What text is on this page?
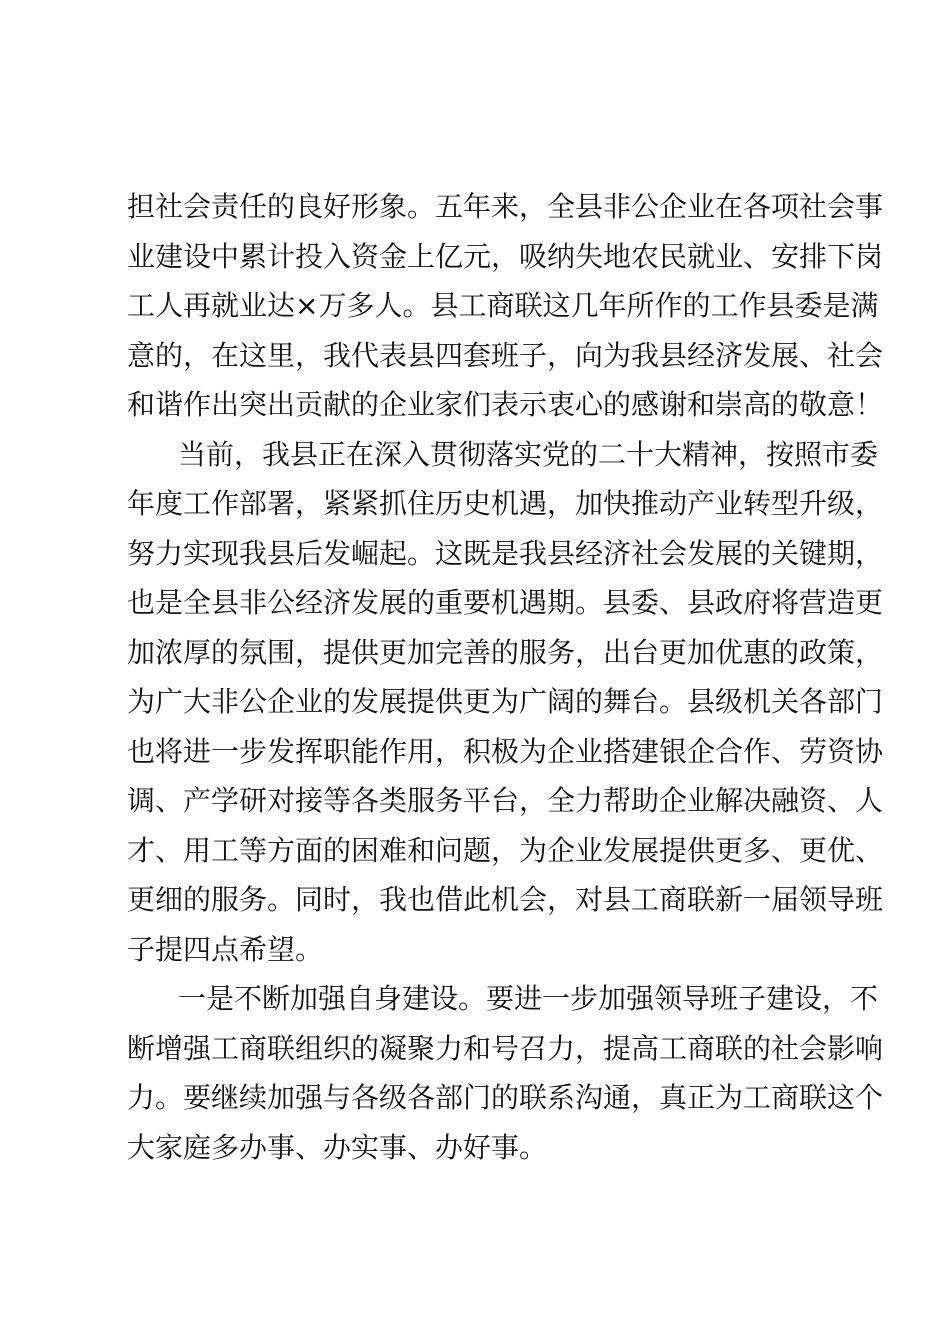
担社会责任的良好形象。五年来，全县非公企业在各项社会事
业建设中累计投入资金上亿元，吸纳失地农民就业、安排下岗
工人再就业达×万多人。县工商联这几年所作的工作县委是满
意的，在这里，我代表县四套班子，向为我县经济发展、社会
和谐作出突出贡献的企业家们表示衷心的感谢和崇高的敬意！
当前，我县正在深入贯彻落实党的二十大精神，按照市委
年度工作部署，紧紧抓住历史机遇，加快推动产业转型升级，
努力实现我县后发崛起。这既是我县经济社会发展的关键期，
也是全县非公经济发展的重要机遇期。县委、县政府将营造更
加浓厚的氛围，提供更加完善的服务，出台更加优惠的政策，
为广大非公企业的发展提供更为广阔的舞台。县级机关各部门
也将进一步发挥职能作用，积极为企业搭建银企合作、劳资协
调、产学研对接等各类服务平台，全力帮助企业解决融资、人
才、用工等方面的困难和问题，为企业发展提供更多、更优、
更细的服务。同时，我也借此机会，对县工商联新一届领导班
子提四点希望。
一是不断加强自身建设。要进一步加强领导班子建设，不
断增强工商联组织的凝聚力和号召力，提高工商联的社会影响
力。要继续加强与各级各部门的联系沟通，真正为工商联这个
大家庭多办事、办实事、办好事。
